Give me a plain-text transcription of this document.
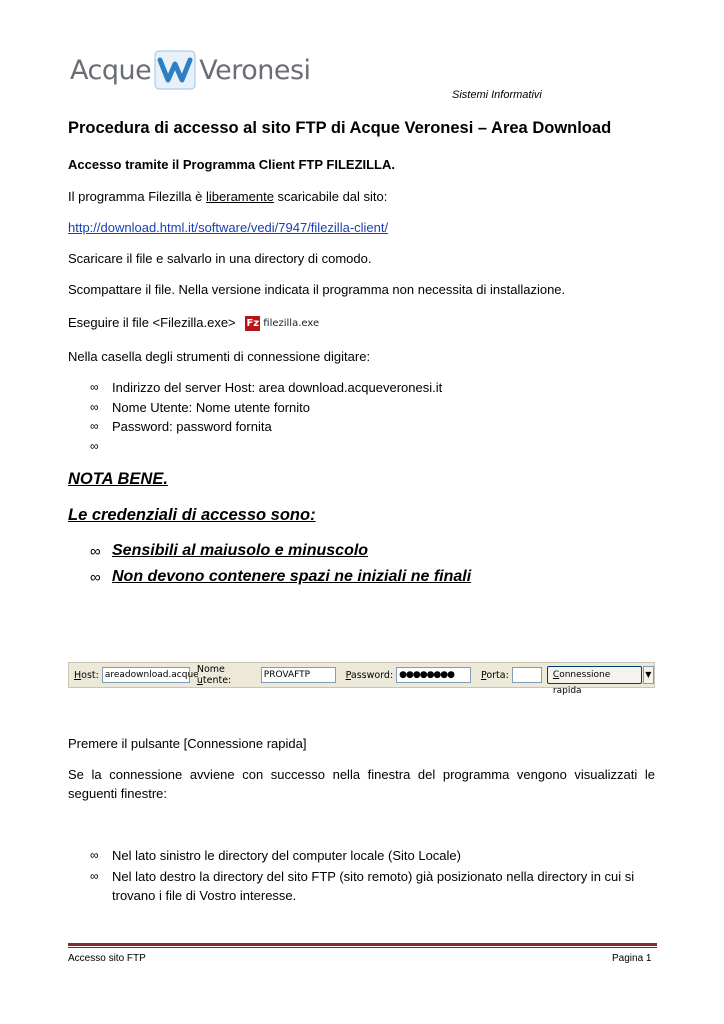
Acque Veronesi
Sistemi Informativi
Procedura di accesso al sito FTP di Acque Veronesi – Area Download
Accesso tramite il Programma Client FTP FILEZILLA.
Il programma Filezilla è liberamente scaricabile dal sito:
http://download.html.it/software/vedi/7947/filezilla-client/
Scaricare il file e salvarlo in una directory di comodo.
Scompattare il file. Nella versione indicata il programma non necessita di installazione.
Eseguire il file <Filezilla.exe> Fz filezilla.exe
Nella casella degli strumenti di connessione digitare:
∞	Indirizzo del server Host: area download.acqueveronesi.it
∞	Nome Utente: Nome utente fornito
∞	Password: password fornita
∞
NOTA BENE.
Le credenziali di accesso sono:
∞ Sensibili al maiusolo e minuscolo
∞ Non devono contenere spazi ne iniziali ne finali
Host: areadownload.acque
Nome utente:	PROVAFTP	Password: ●●●●●●●●	Porta:	Connessione rapida
▼
Premere il pulsante [Connessione rapida]
Se la connessione avviene con successo nella finestra del programma vengono visualizzati le seguenti finestre:
∞	Nel lato sinistro le directory del computer locale (Sito Locale)
∞	Nel lato destro la directory del sito FTP (sito remoto) già posizionato nella directory in cui si trovano i file di Vostro interesse.
Accesso sito FTP	Pagina 1
